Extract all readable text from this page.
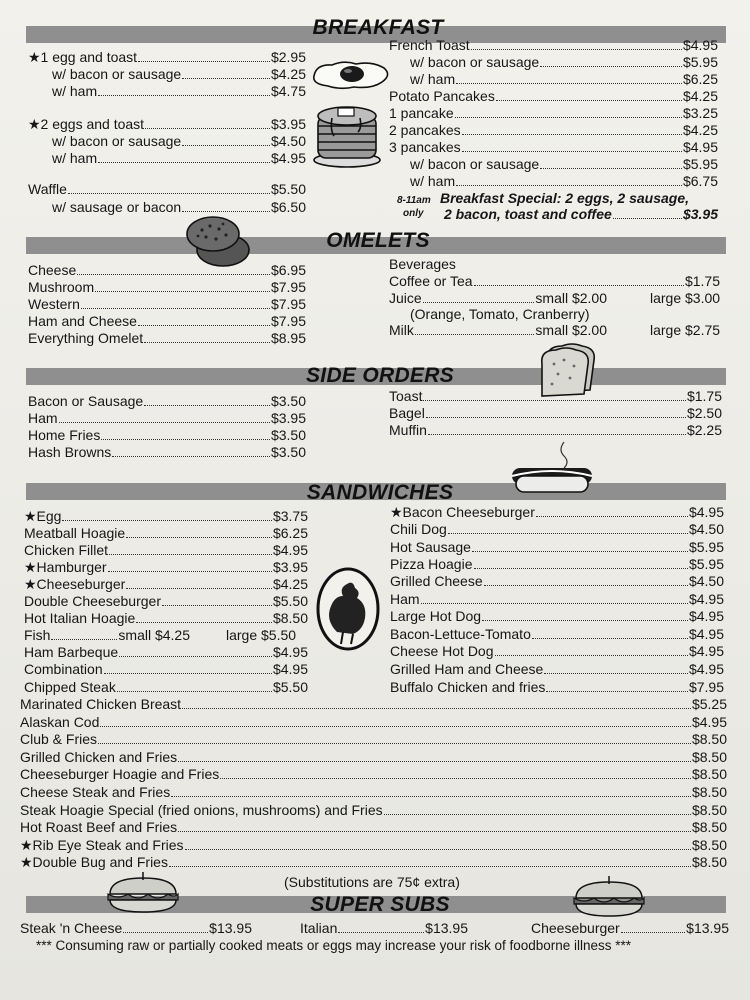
BREAKFAST
OMELETS
SIDE ORDERS
SANDWICHES
SUPER SUBS
★1 egg and toast	$2.95
w/ bacon or sausage	$4.25
w/ ham	$4.75
★2 eggs and toast	$3.95
w/ bacon or sausage	$4.50
w/ ham	$4.95
Waffle	$5.50
w/ sausage or bacon	$6.50
French Toast	$4.95
w/ bacon or sausage	$5.95
w/ ham	$6.25
Potato Pancakes	$4.25
1 pancake	$3.25
2 pancakes	$4.25
3 pancakes	$4.95
w/ bacon or sausage	$5.95
w/ ham	$6.75
8-11am
only
Breakfast Special: 2 eggs, 2 sausage,
2 bacon, toast and coffee	$3.95
Cheese	$6.95
Mushroom	$7.95
Western	$7.95
Ham and Cheese	$7.95
Everything Omelet	$8.95
Beverages
Coffee or Tea	$1.75
Juice	small $2.00	large $3.00
(Orange, Tomato, Cranberry)
Milk	small $2.00	large $2.75
Bacon or Sausage	$3.50
Ham	$3.95
Home Fries	$3.50
Hash Browns	$3.50
Toast	$1.75
Bagel	$2.50
Muffin	$2.25
★Egg	$3.75
Meatball Hoagie	$6.25
Chicken Fillet	$4.95
★Hamburger	$3.95
★Cheeseburger	$4.25
Double Cheeseburger	$5.50
Hot Italian Hoagie	$8.50
Fish	small $4.25	large $5.50
Ham Barbeque	$4.95
Combination	$4.95
Chipped Steak	$5.50
★Bacon Cheeseburger	$4.95
Chili Dog	$4.50
Hot Sausage	$5.95
Pizza Hoagie	$5.95
Grilled Cheese	$4.50
Ham	$4.95
Large Hot Dog	$4.95
Bacon-Lettuce-Tomato	$4.95
Cheese Hot Dog	$4.95
Grilled Ham and Cheese	$4.95
Buffalo Chicken and fries	$7.95
Marinated Chicken Breast	$5.25
Alaskan Cod	$4.95
Club & Fries	$8.50
Grilled Chicken and Fries	$8.50
Cheeseburger Hoagie and Fries	$8.50
Cheese Steak and Fries	$8.50
Steak Hoagie Special (fried onions, mushrooms) and Fries	$8.50
Hot Roast Beef and Fries	$8.50
★Rib Eye Steak and Fries	$8.50
★Double Bug and Fries	$8.50
(Substitutions are 75¢ extra)
Steak 'n Cheese	$13.95	Italian	$13.95	Cheeseburger	$13.95
*** Consuming raw or partially cooked meats or eggs may increase your risk of foodborne illness ***
